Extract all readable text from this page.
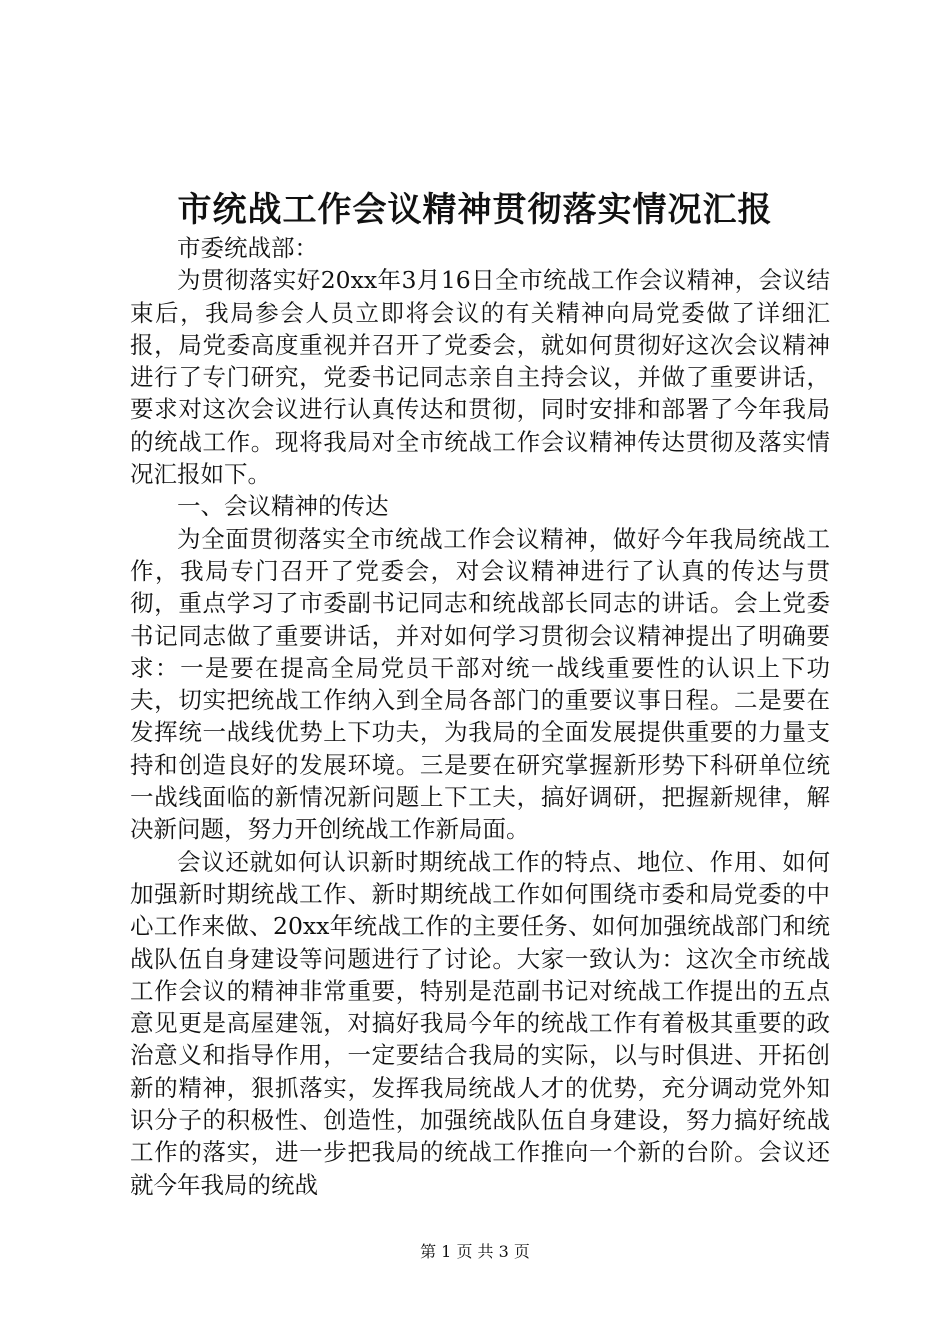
市统战工作会议精神贯彻落实情况汇报

市委统战部：

为贯彻落实好20xx年3月16日全市统战工作会议精神，会议结束后，我局参会人员立即将会议的有关精神向局党委做了详细汇报，局党委高度重视并召开了党委会，就如何贯彻好这次会议精神进行了专门研究，党委书记同志亲自主持会议，并做了重要讲话，要求对这次会议进行认真传达和贯彻，同时安排和部署了今年我局的统战工作。现将我局对全市统战工作会议精神传达贯彻及落实情况汇报如下。

一、会议精神的传达

为全面贯彻落实全市统战工作会议精神，做好今年我局统战工作，我局专门召开了党委会，对会议精神进行了认真的传达与贯彻，重点学习了市委副书记同志和统战部长同志的讲话。会上党委书记同志做了重要讲话，并对如何学习贯彻会议精神提出了明确要求：一是要在提高全局党员干部对统一战线重要性的认识上下功夫，切实把统战工作纳入到全局各部门的重要议事日程。二是要在发挥统一战线优势上下功夫，为我局的全面发展提供重要的力量支持和创造良好的发展环境。三是要在研究掌握新形势下科研单位统一战线面临的新情况新问题上下工夫，搞好调研，把握新规律，解决新问题，努力开创统战工作新局面。

会议还就如何认识新时期统战工作的特点、地位、作用、如何加强新时期统战工作、新时期统战工作如何围绕市委和局党委的中心工作来做、20xx年统战工作的主要任务、如何加强统战部门和统战队伍自身建设等问题进行了讨论。大家一致认为：这次全市统战工作会议的精神非常重要，特别是范副书记对统战工作提出的五点意见更是高屋建瓴，对搞好我局今年的统战工作有着极其重要的政治意义和指导作用，一定要结合我局的实际，以与时俱进、开拓创新的精神，狠抓落实，发挥我局统战人才的优势，充分调动党外知识分子的积极性、创造性，加强统战队伍自身建设，努力搞好统战工作的落实，进一步把我局的统战工作推向一个新的台阶。会议还就今年我局的统战

第 1 页 共 3 页
